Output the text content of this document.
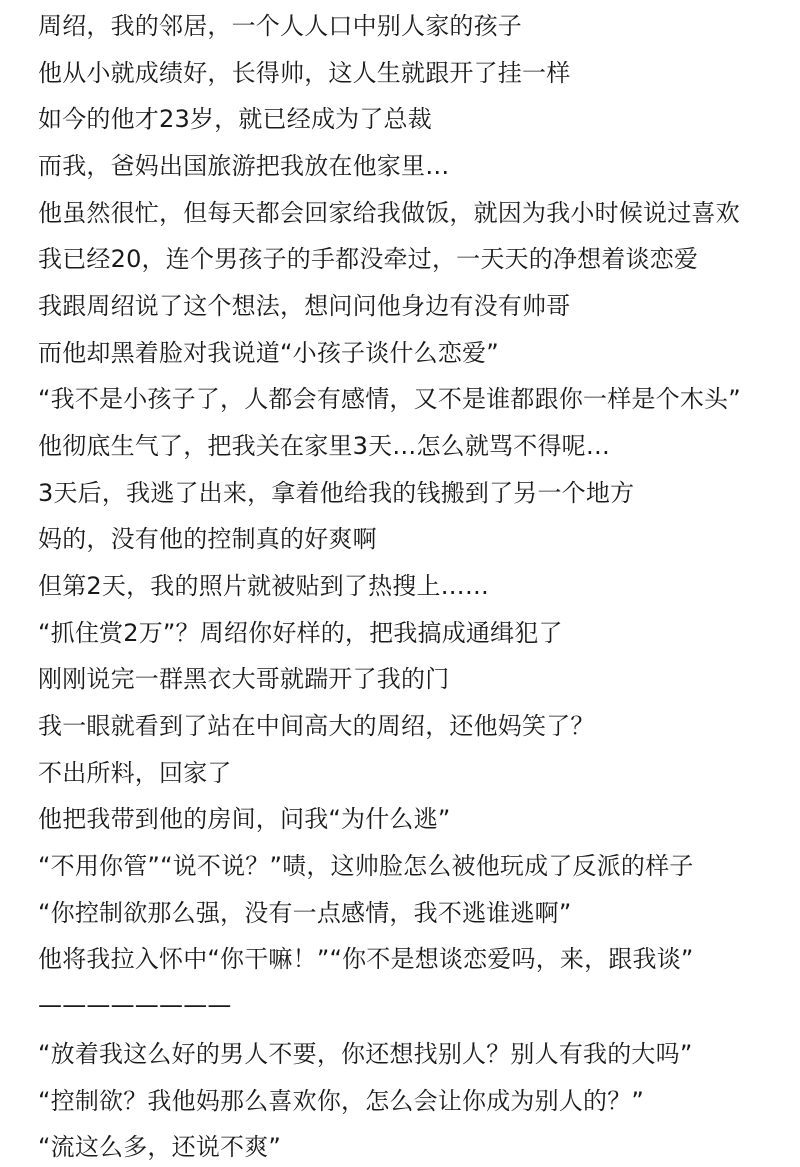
周绍，我的邻居，一个人人口中别人家的孩子
他从小就成绩好，长得帅，这人生就跟开了挂一样
如今的他才23岁，就已经成为了总裁
而我，爸妈出国旅游把我放在他家里…
他虽然很忙，但每天都会回家给我做饭，就因为我小时候说过喜欢
我已经20，连个男孩子的手都没牵过，一天天的净想着谈恋爱
我跟周绍说了这个想法，想问问他身边有没有帅哥
而他却黑着脸对我说道“小孩子谈什么恋爱”
“我不是小孩子了，人都会有感情，又不是谁都跟你一样是个木头”
他彻底生气了，把我关在家里3天…怎么就骂不得呢…
3天后，我逃了出来，拿着他给我的钱搬到了另一个地方
妈的，没有他的控制真的好爽啊
但第2天，我的照片就被贴到了热搜上……
“抓住赏2万”？周绍你好样的，把我搞成通缉犯了
刚刚说完一群黑衣大哥就踹开了我的门
我一眼就看到了站在中间高大的周绍，还他妈笑了？
不出所料，回家了
他把我带到他的房间，问我“为什么逃”
“不用你管”“说不说？”啧，这帅脸怎么被他玩成了反派的样子
“你控制欲那么强，没有一点感情，我不逃谁逃啊”
他将我拉入怀中“你干嘛！”“你不是想谈恋爱吗，来，跟我谈”
————————
“放着我这么好的男人不要，你还想找别人？别人有我的大吗”
“控制欲？我他妈那么喜欢你，怎么会让你成为别人的？”
“流这么多，还说不爽”
